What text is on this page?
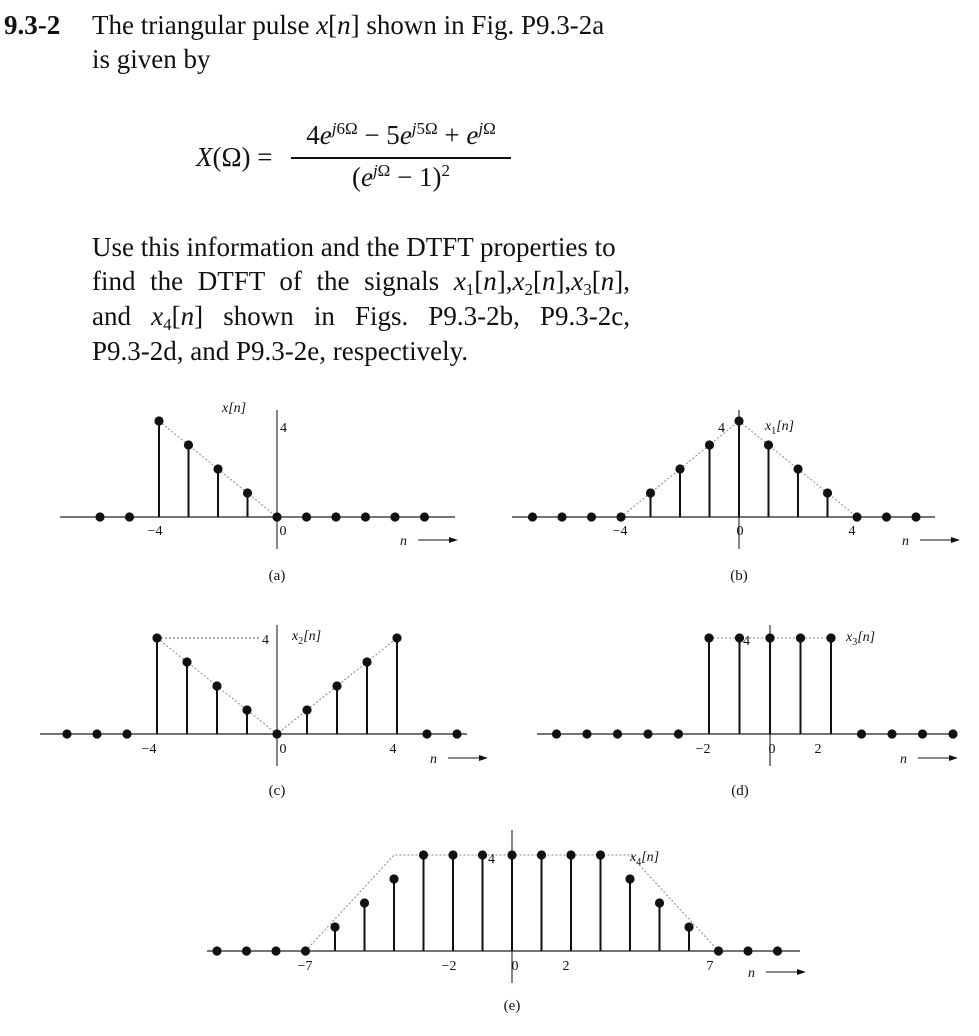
9.3-2 The triangular pulse x[n] shown in Fig. P9.3-2a
is given by
X(Ω) =
$4e^{j6\Omega} - 5e^{j5\Omega} + e^{j\Omega}$
$(e^{j\Omega} - 1)^2$
Use this information and the DTFT properties to
find the DTFT of the signals $x_1[n],x_2[n],x_3[n]$,
and $x_4[n]$ shown in Figs. P9.3-2b, P9.3-2c,
P9.3-2d, and P9.3-2e, respectively.
x[n]
4
−4	0
n
(a)
$x_1[n]$
4
−4	0	4
n
(b)
$x_2[n]$
4
−4	0	4
n
(c)
$x_3[n]$
4
−2	0	2
n
(d)
$x_4[n]$
4
−7	−2	0	2	7 n
(e)
